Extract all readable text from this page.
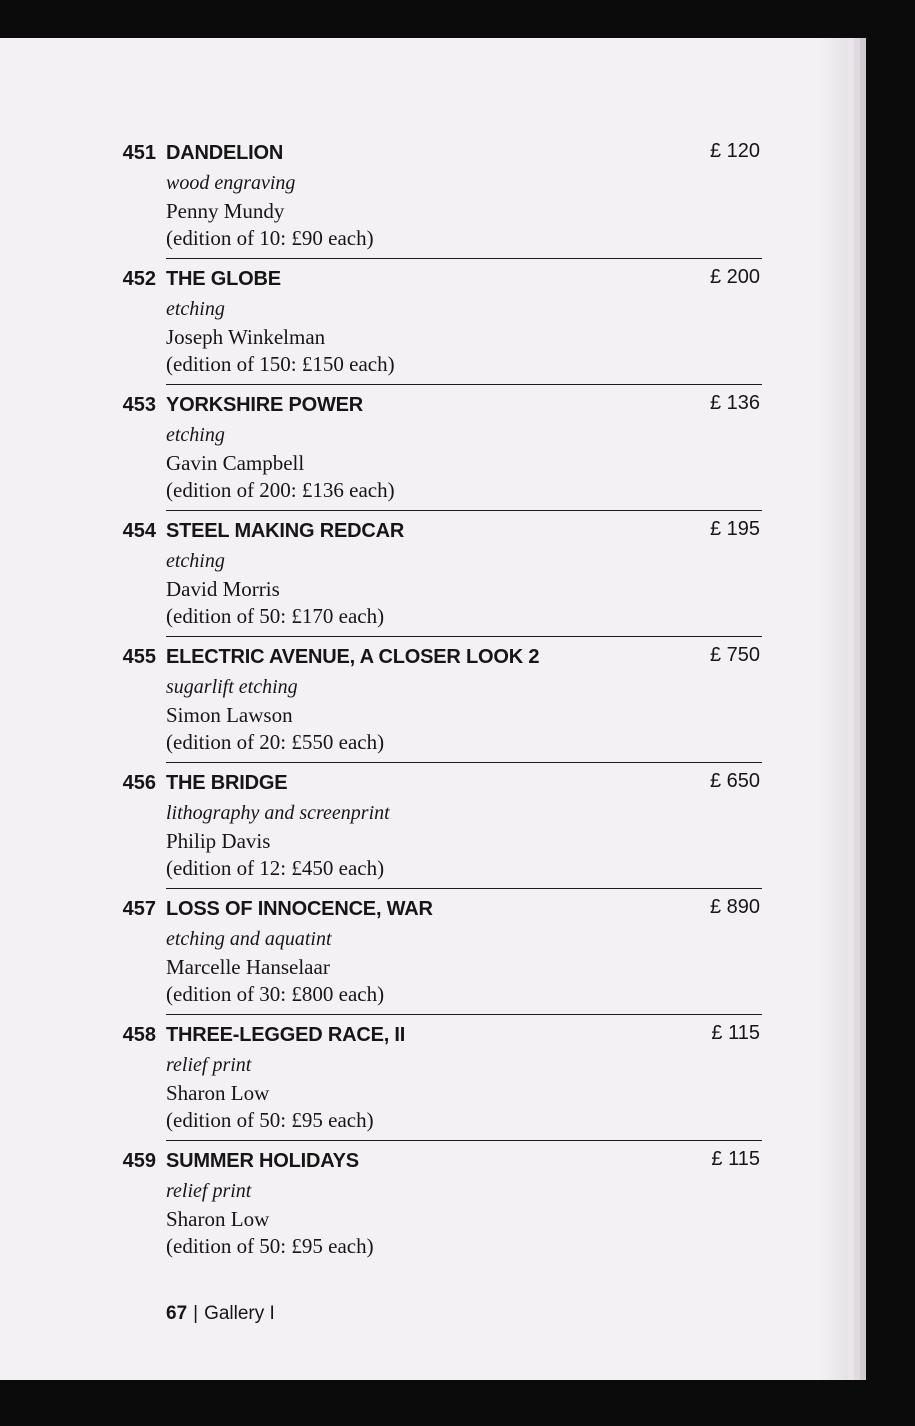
451 DANDELION	£ 120
wood engraving
Penny Mundy
(edition of 10: £90 each)
452 THE GLOBE	£ 200
etching
Joseph Winkelman
(edition of 150: £150 each)
453 YORKSHIRE POWER	£ 136
etching
Gavin Campbell
(edition of 200: £136 each)
454 STEEL MAKING REDCAR	£ 195
etching
David Morris
(edition of 50: £170 each)
455 ELECTRIC AVENUE, A CLOSER LOOK 2	£ 750
sugarlift etching
Simon Lawson
(edition of 20: £550 each)
456 THE BRIDGE	£ 650
lithography and screenprint
Philip Davis
(edition of 12: £450 each)
457 LOSS OF INNOCENCE, WAR	£ 890
etching and aquatint
Marcelle Hanselaar
(edition of 30: £800 each)
458 THREE-LEGGED RACE, II	£ 115
relief print
Sharon Low
(edition of 50: £95 each)
459 SUMMER HOLIDAYS	£ 115
relief print
Sharon Low
(edition of 50: £95 each)
67 | Gallery I
